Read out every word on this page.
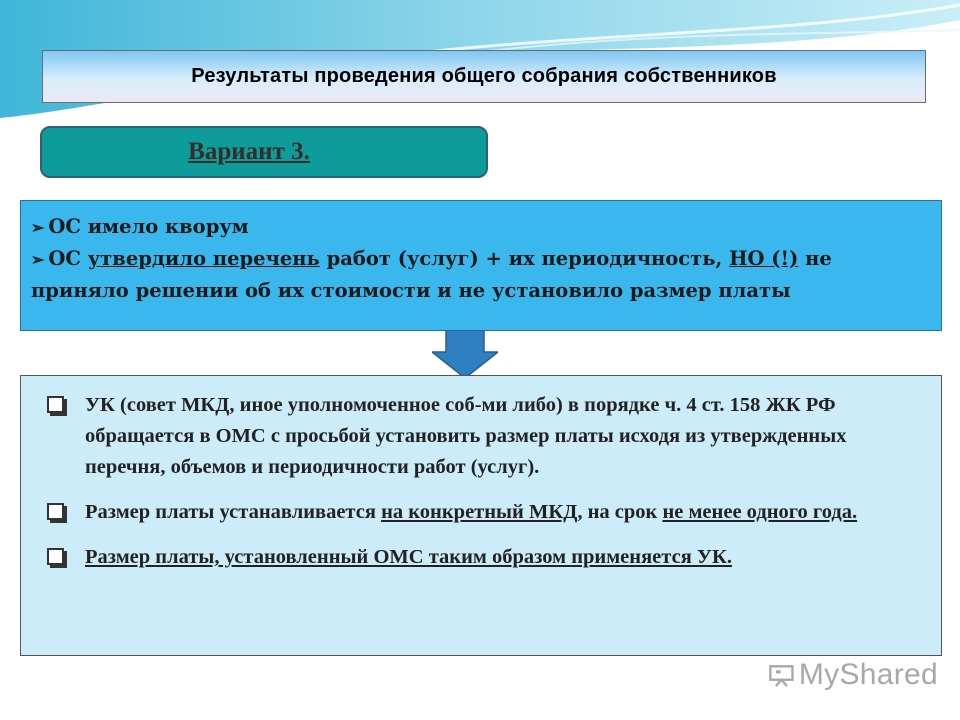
Результаты проведения общего собрания собственников
Вариант 3.
➢ ОС имело кворум
➢ ОС утвердило перечень работ (услуг) + их периодичность, НО (!) не приняло решении об их стоимости и не установило размер платы
УК (совет МКД, иное уполномоченное соб-ми либо) в порядке ч. 4 ст. 158 ЖК РФ обращается в ОМС с просьбой установить размер платы исходя из утвержденных перечня, объемов и периодичности работ (услуг).
Размер платы устанавливается на конкретный МКД, на срок не менее одного года.
Размер платы, установленный ОМС таким образом применяется УК.
MyShared
